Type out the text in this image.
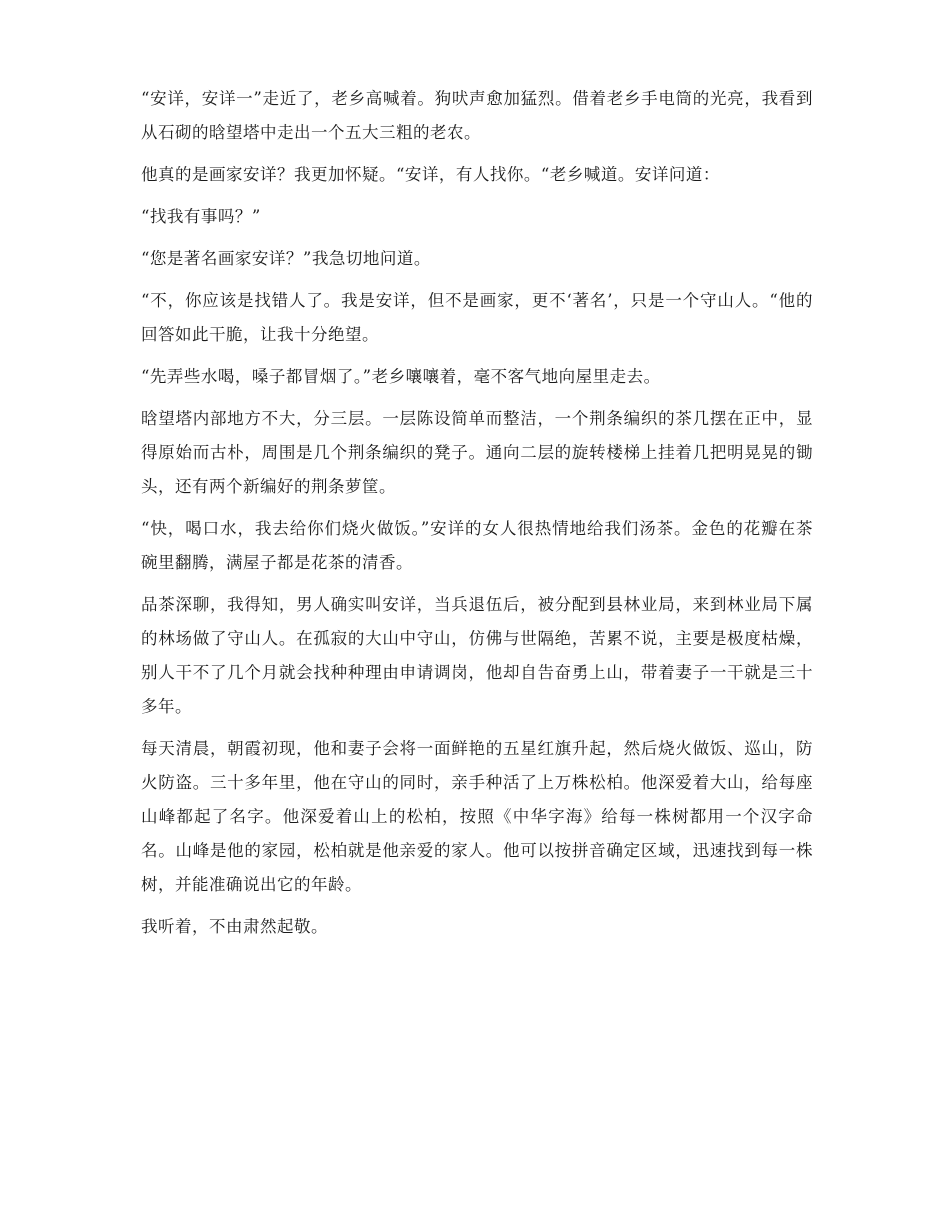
“安详，安详一”走近了，老乡高喊着。狗吠声愈加猛烈。借着老乡手电筒的光亮，我看到从石砌的晗望塔中走出一个五大三粗的老农。

他真的是画家安详？我更加怀疑。“安详，有人找你。“老乡喊道。安详问道：

“找我有事吗？”

“您是著名画家安详？”我急切地问道。

“不，你应该是找错人了。我是安详，但不是画家，更不‘著名’，只是一个守山人。“他的回答如此干脆，让我十分绝望。

“先弄些水喝，嗓子都冒烟了。”老乡嚷嚷着，毫不客气地向屋里走去。

晗望塔内部地方不大，分三层。一层陈设简单而整洁，一个荆条编织的茶几摆在正中，显得原始而古朴，周围是几个荆条编织的凳子。通向二层的旋转楼梯上挂着几把明晃晃的锄头，还有两个新编好的荆条萝筐。

“快，喝口水，我去给你们烧火做饭。”安详的女人很热情地给我们汤茶。金色的花瓣在茶碗里翻腾，满屋子都是花茶的清香。

品茶深聊，我得知，男人确实叫安详，当兵退伍后，被分配到县林业局，来到林业局下属的林场做了守山人。在孤寂的大山中守山，仿佛与世隔绝，苦累不说，主要是极度枯燥，别人干不了几个月就会找种种理由申请调岗，他却自告奋勇上山，带着妻子一干就是三十多年。

每天清晨，朝霞初现，他和妻子会将一面鲜艳的五星红旗升起，然后烧火做饭、巡山，防火防盗。三十多年里，他在守山的同时，亲手种活了上万株松柏。他深爱着大山，给每座山峰都起了名字。他深爱着山上的松柏，按照《中华字海》给每一株树都用一个汉字命名。山峰是他的家园，松柏就是他亲爱的家人。他可以按拼音确定区域，迅速找到每一株树，并能准确说出它的年龄。

我听着，不由肃然起敬。
